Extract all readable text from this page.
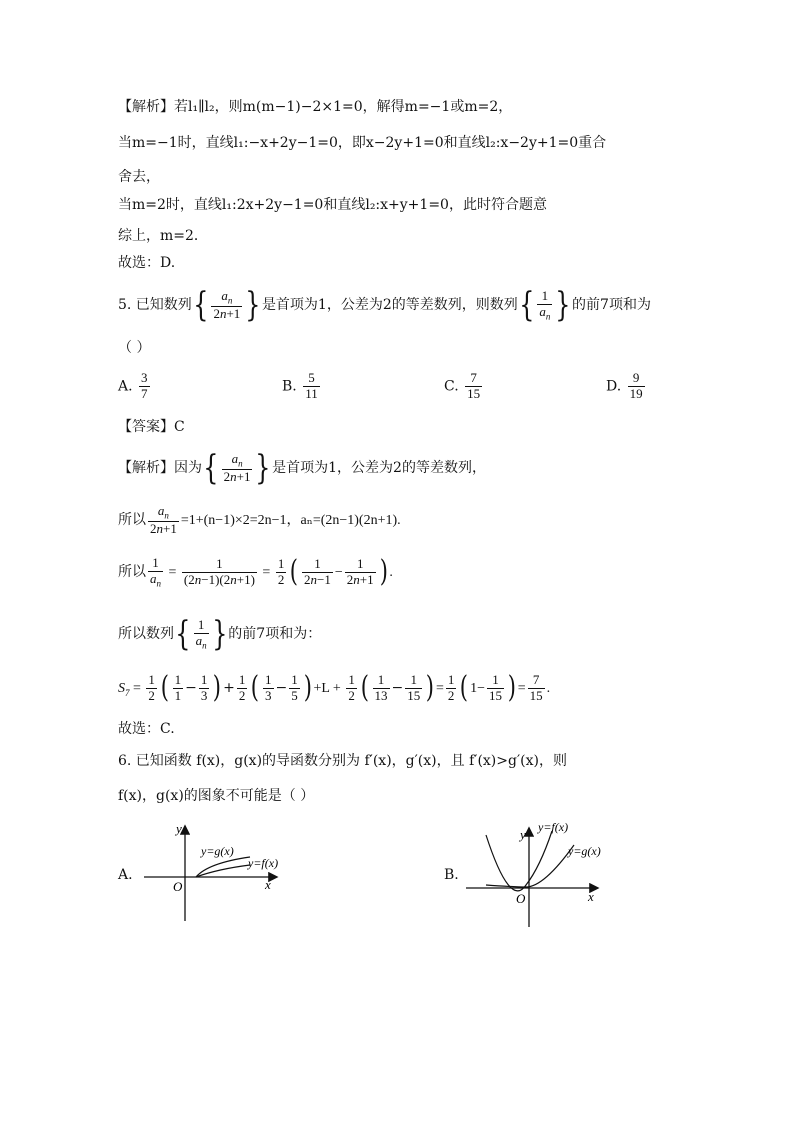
【解析】若l₁∥l₂，则m(m−1)−2×1=0，解得m=−1或m=2，
当m=−1时，直线l₁:−x+2y−1=0，即x−2y+1=0和直线l₂:x−2y+1=0重合
舍去，
当m=2时，直线l₁:2x+2y−1=0和直线l₂:x+y+1=0，此时符合题意
综上，m=2．
故选：D.
5. 已知数列{ $\frac{a_n}{2n+1}$ }是首项为1，公差为2的等差数列，则数列{ $\frac{1}{a_n}$ }的前7项和为
（ ）
A. $\frac{3}{7}$	B. $\frac{5}{11}$	C. $\frac{7}{15}$	D. $\frac{9}{19}$
【答案】C
【解析】因为{ $\frac{a_n}{2n+1}$ }是首项为1，公差为2的等差数列，
所以 $\frac{a_n}{2n+1} =1+(n-1)\times 2=2n-1$，aₙ=(2n−1)(2n+1).
所以 $\frac{1}{a_n} = \frac{1}{(2n-1)(2n+1)} = \frac{1}{2}$ ( $\frac{1}{2n-1} - \frac{1}{2n+1}$ ) .
所以数列{ $\frac{1}{a_n}$ }的前7项和为：
$S_7 = \frac{1}{2}$ ( $\frac{1}{1} - \frac{1}{3}$ ) + $\frac{1}{2}$ ( $\frac{1}{3} - \frac{1}{5}$ ) $+L + \frac{1}{2}$ ( $\frac{1}{13} - \frac{1}{15}$ ) = $\frac{1}{2}$ ( $1- \frac{1}{15}$ ) = $\frac{7}{15}$ .
故选：C.
6. 已知函数 f(x)，g(x)的导函数分别为 f′(x)，g′(x)，且 f′(x)>g′(x)，则
f(x)，g(x)的图象不可能是（ ）
A.
y
x
O
y=g(x)
y=f(x)
B.
y
x
O
y=f(x)
y=g(x)
